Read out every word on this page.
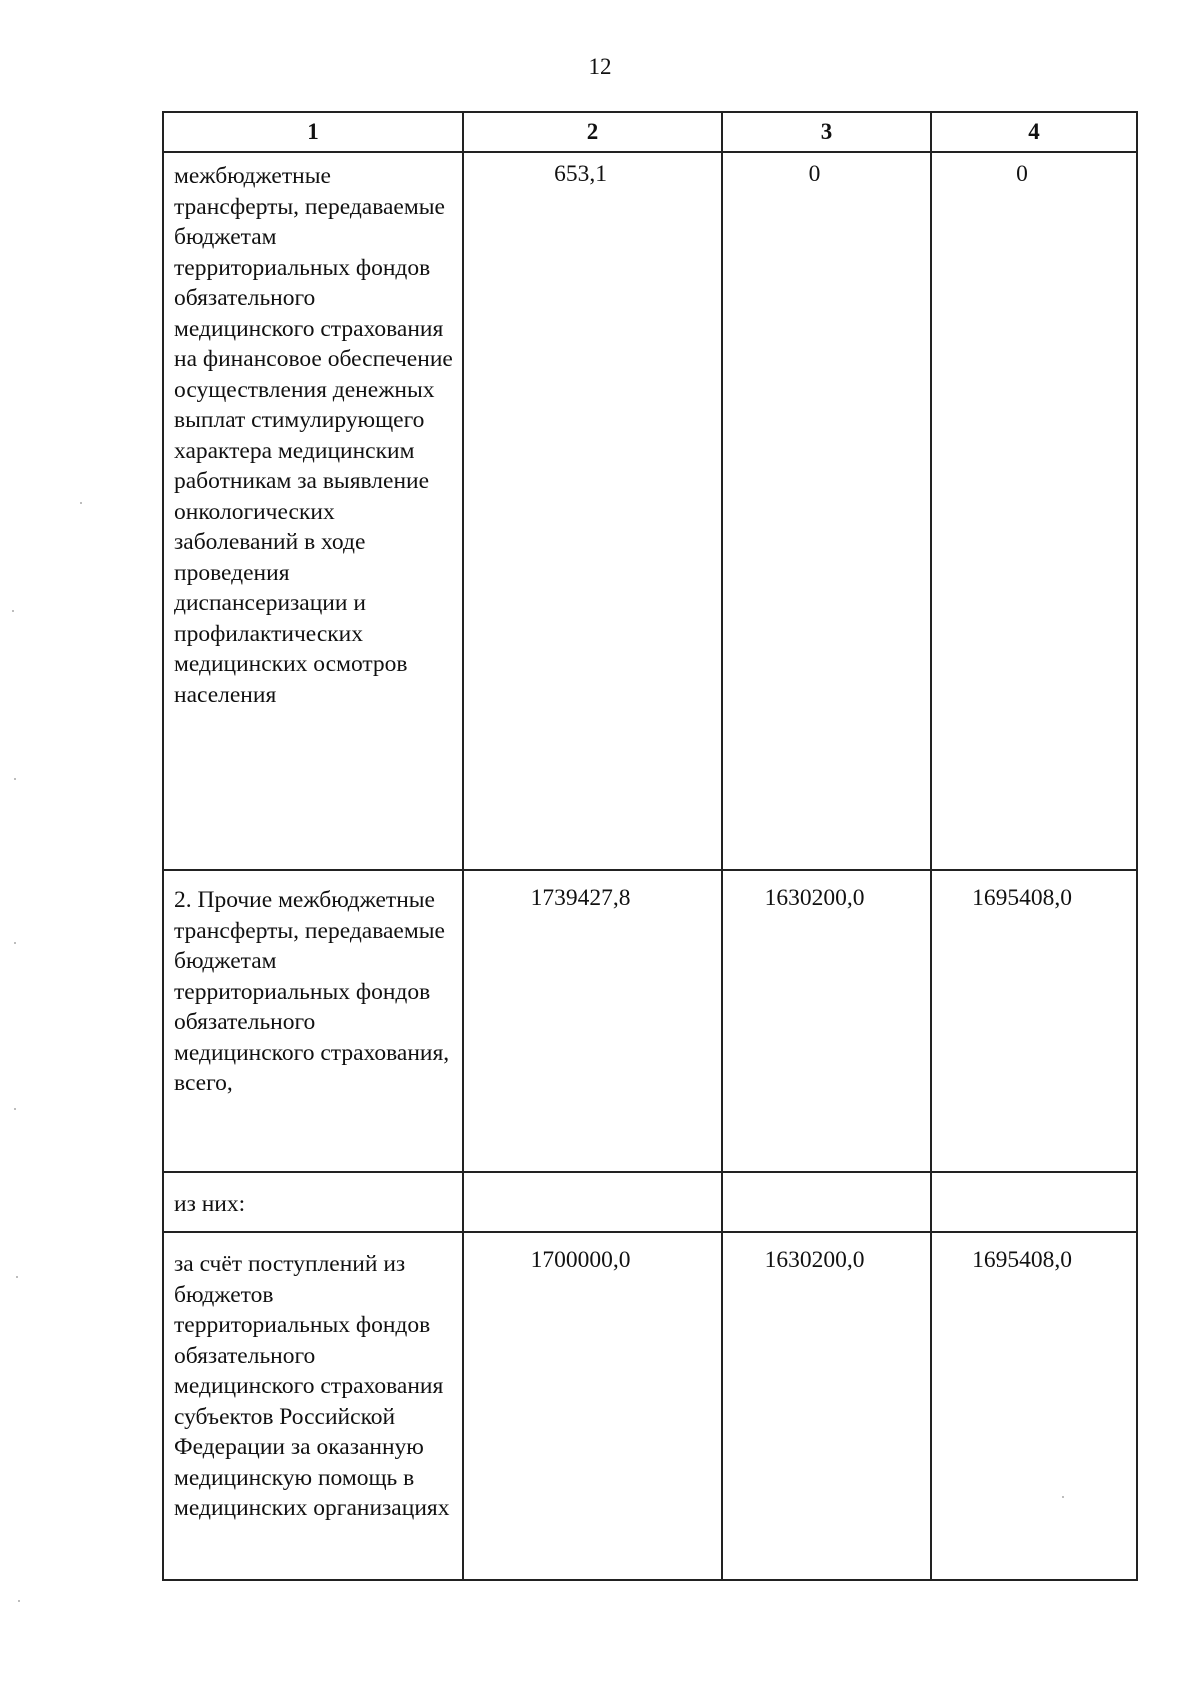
12
1	2	3	4

межбюджетные трансферты, передаваемые бюджетам территориальных фондов обязательного медицинского страхования на финансовое обеспечение осуществления денежных выплат стимулирующего характера медицинским работникам за выявление онкологических заболеваний в ходе проведения диспансеризации и профилактических медицинских осмотров населения	653,1	0	0

2. Прочие межбюджетные трансферты, передаваемые бюджетам территориальных фондов обязательного медицинского страхования, всего,	1739427,8	1630200,0	1695408,0

из них:			

за счёт поступлений из бюджетов территориальных фондов обязательного медицинского страхования субъектов Российской Федерации за оказанную медицинскую помощь в медицинских организациях	1700000,0	1630200,0	1695408,0
